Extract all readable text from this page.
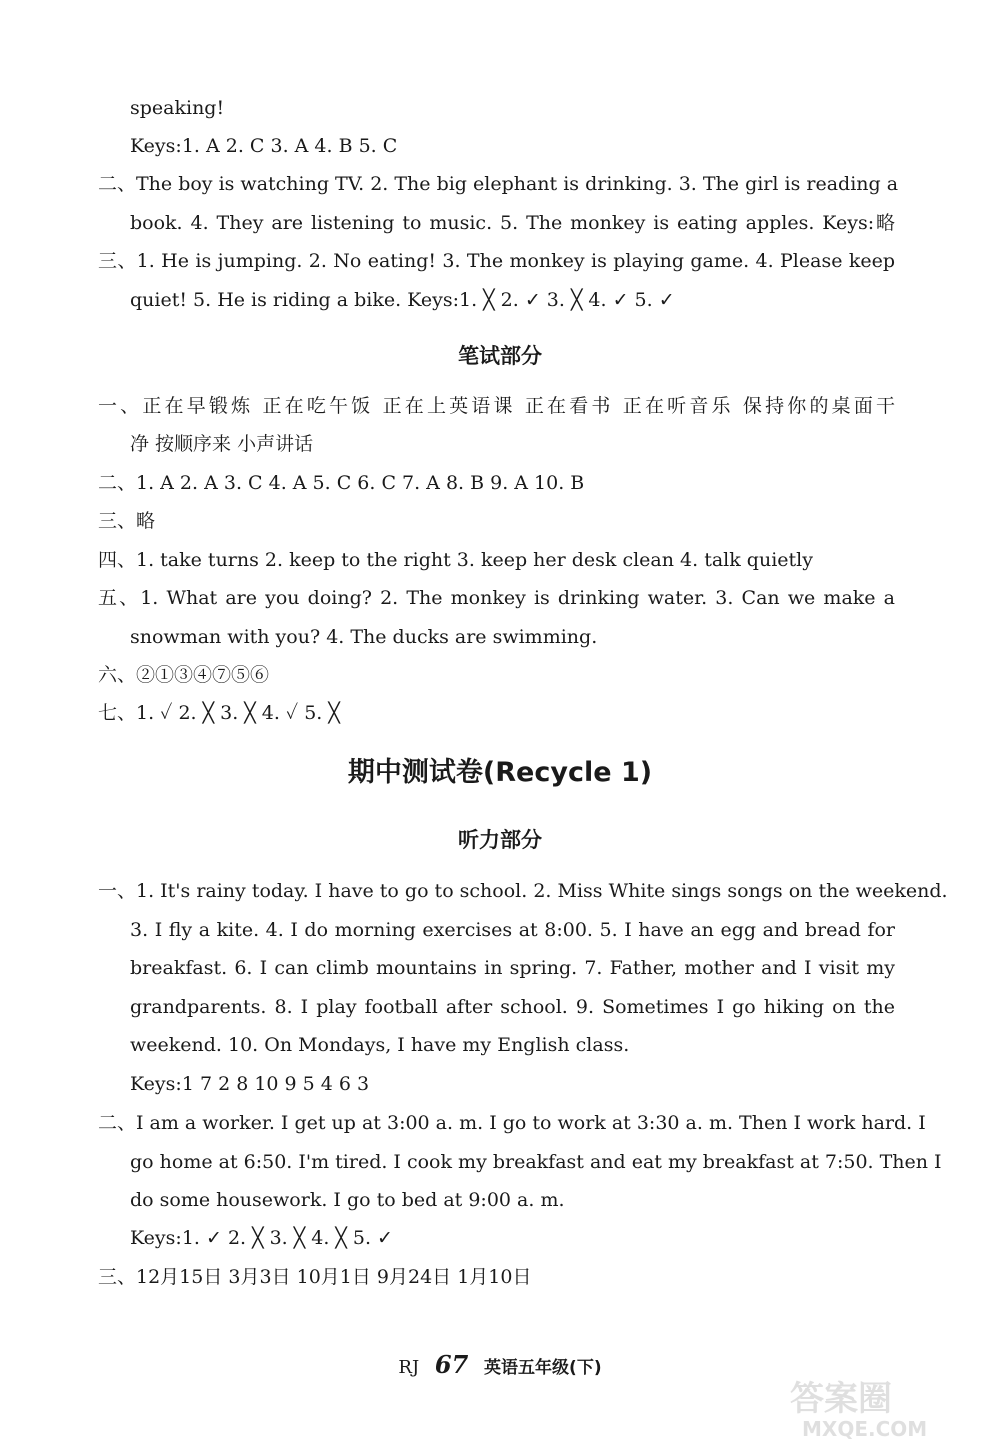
speaking!
Keys:1. A 2. C 3. A 4. B 5. C
二、The boy is watching TV. 2. The big elephant is drinking. 3. The girl is reading a
book. 4. They are listening to music. 5. The monkey is eating apples. Keys:略
三、1. He is jumping. 2. No eating! 3. The monkey is playing game. 4. Please keep
quiet! 5. He is riding a bike. Keys:1. ╳ 2. ✓ 3. ╳ 4. ✓ 5. ✓
笔试部分
一、正在早锻炼 正在吃午饭 正在上英语课 正在看书 正在听音乐 保持你的桌面干
净 按顺序来 小声讲话
二、1. A 2. A 3. C 4. A 5. C 6. C 7. A 8. B 9. A 10. B
三、略
四、1. take turns 2. keep to the right 3. keep her desk clean 4. talk quietly
五、1. What are you doing? 2. The monkey is drinking water. 3. Can we make a
snowman with you? 4. The ducks are swimming.
六、②①③④⑦⑤⑥
七、1. ✓ 2. ╳ 3. ╳ 4. ✓ 5. ╳
期中测试卷(Recycle 1)
听力部分
一、1. It's rainy today. I have to go to school. 2. Miss White sings songs on the weekend.
3. I fly a kite. 4. I do morning exercises at 8:00. 5. I have an egg and bread for
breakfast. 6. I can climb mountains in spring. 7. Father, mother and I visit my
grandparents. 8. I play football after school. 9. Sometimes I go hiking on the
weekend. 10. On Mondays, I have my English class.
Keys:1 7 2 8 10 9 5 4 6 3
二、I am a worker. I get up at 3:00 a. m. I go to work at 3:30 a. m. Then I work hard. I
go home at 6:50. I'm tired. I cook my breakfast and eat my breakfast at 7:50. Then I
do some housework. I go to bed at 9:00 a. m.
Keys:1. ✓ 2. ╳ 3. ╳ 4. ╳ 5. ✓
三、12月15日 3月3日 10月1日 9月24日 1月10日
RJ 67 英语五年级(下)
答案圈
MXQE.COM
